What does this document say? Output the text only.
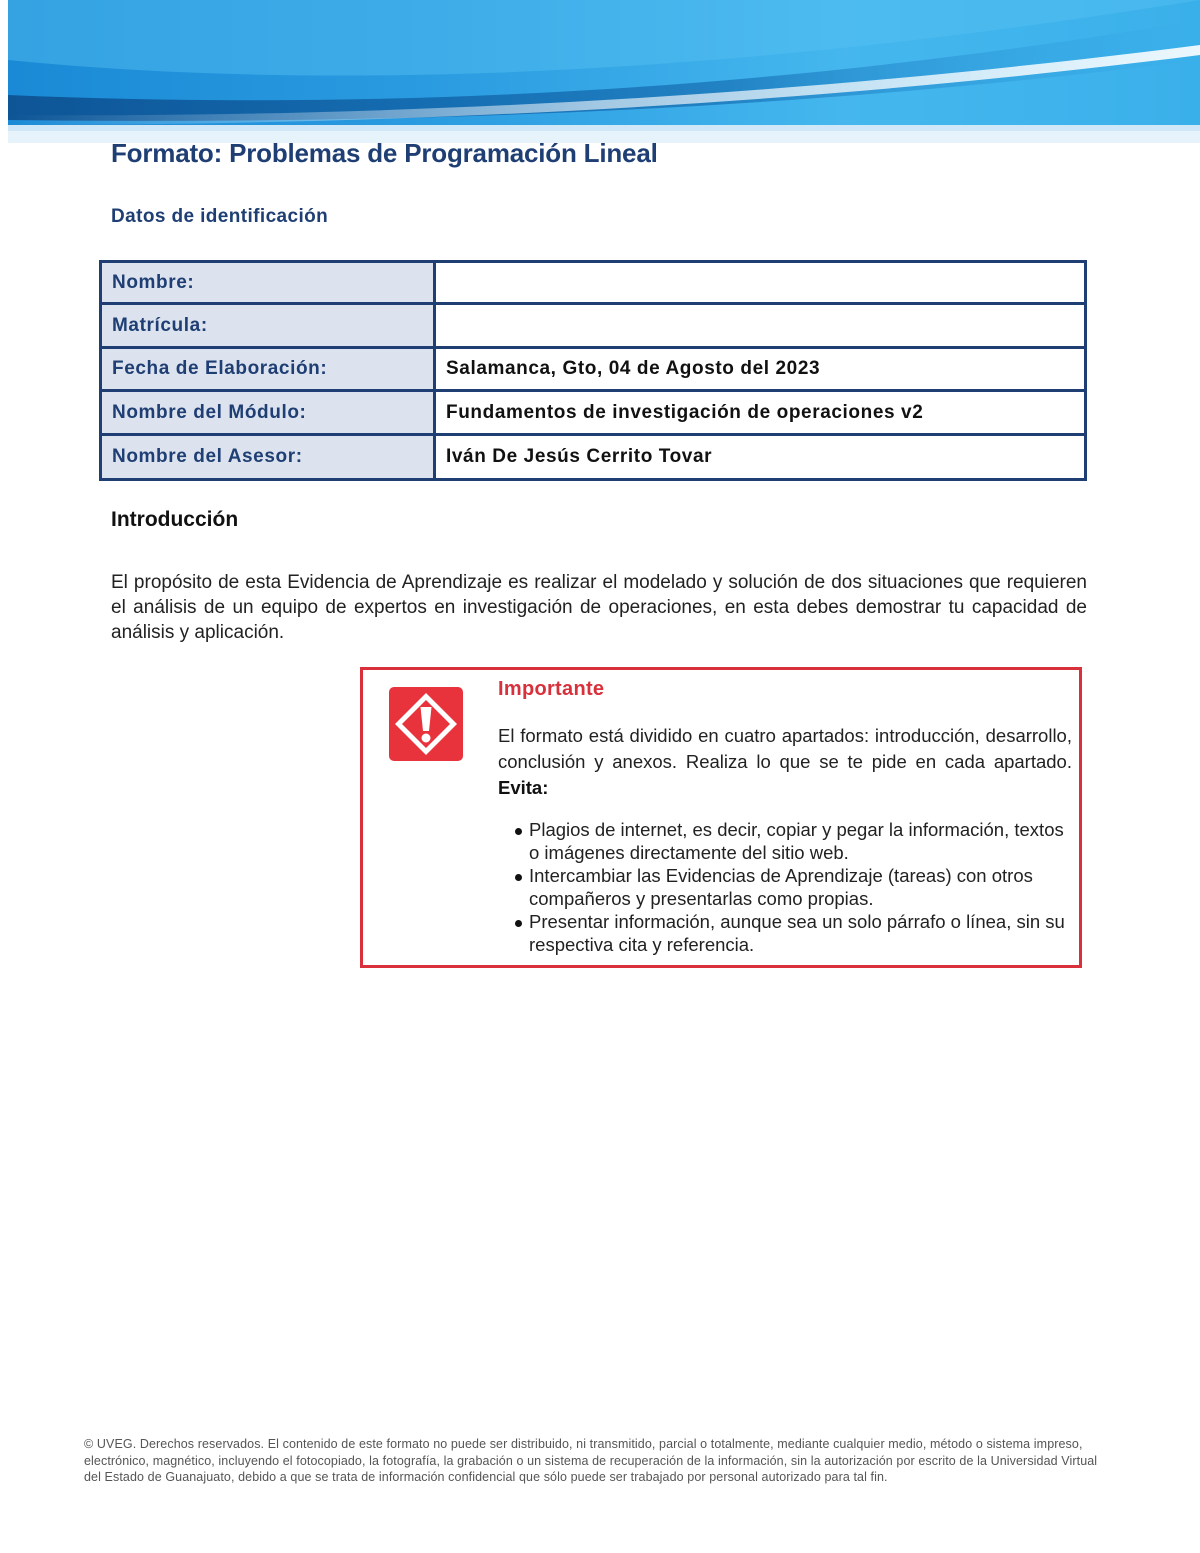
Formato: Problemas de Programación Lineal
Datos de identificación
Nombre:	
Matrícula:	
Fecha de Elaboración:	Salamanca, Gto, 04 de Agosto del 2023
Nombre del Módulo:	Fundamentos de investigación de operaciones v2
Nombre del Asesor:	Iván De Jesús Cerrito Tovar
Introducción
El propósito de esta Evidencia de Aprendizaje es realizar el modelado y solución de dos situaciones que requieren el análisis de un equipo de expertos en investigación de operaciones, en esta debes demostrar tu capacidad de análisis y aplicación.
Importante
El formato está dividido en cuatro apartados: introducción, desarrollo, conclusión y anexos. Realiza lo que se te pide en cada apartado. Evita:
Plagios de internet, es decir, copiar y pegar la información, textos o imágenes directamente del sitio web.
Intercambiar las Evidencias de Aprendizaje (tareas) con otros compañeros y presentarlas como propias.
Presentar información, aunque sea un solo párrafo o línea, sin su respectiva cita y referencia.
© UVEG. Derechos reservados. El contenido de este formato no puede ser distribuido, ni transmitido, parcial o totalmente, mediante cualquier medio, método o sistema impreso, electrónico, magnético, incluyendo el fotocopiado, la fotografía, la grabación o un sistema de recuperación de la información, sin la autorización por escrito de la Universidad Virtual del Estado de Guanajuato, debido a que se trata de información confidencial que sólo puede ser trabajado por personal autorizado para tal fin.
